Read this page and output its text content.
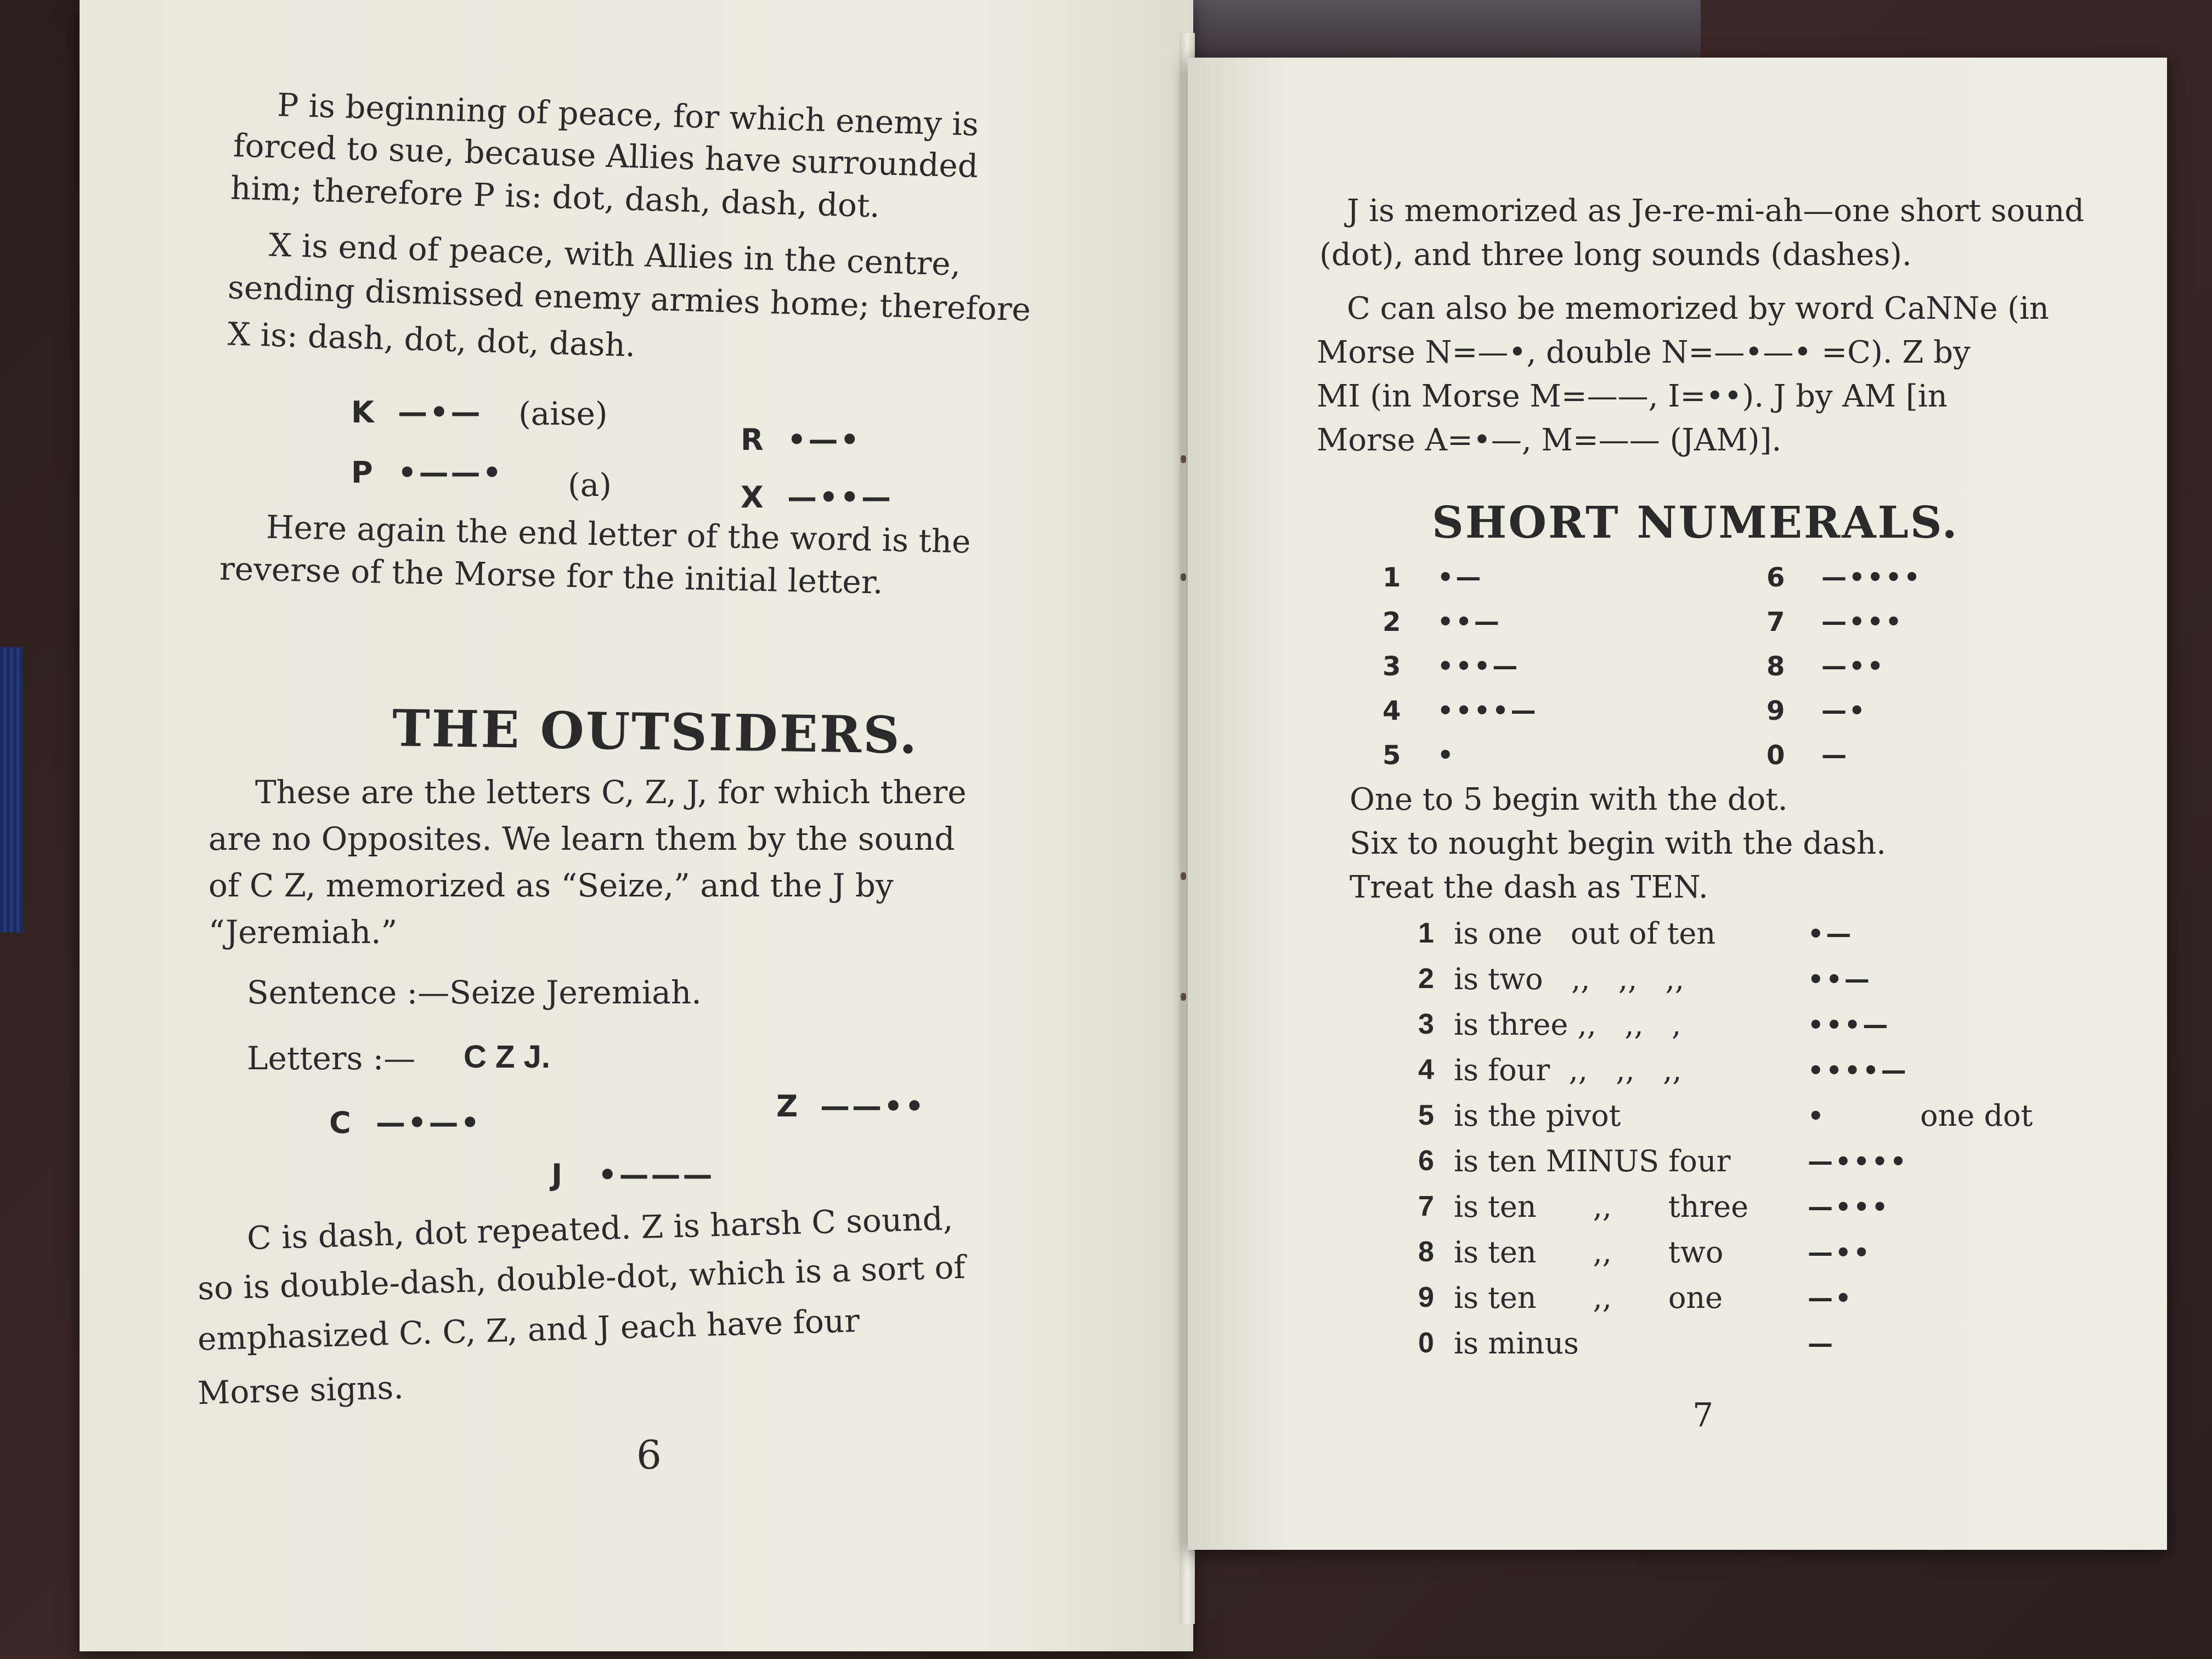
P is beginning of peace, for which enemy is
forced to sue, because Allies have surrounded
him; therefore P is: dot, dash, dash, dot.
X is end of peace, with Allies in the centre,
sending dismissed enemy armies home; therefore
X is: dash, dot, dot, dash.
K —•— (aise)
R •—•
P •——• (a)	X —••—
Here again the end letter of the word is the
reverse of the Morse for the initial letter.
THE OUTSIDERS.
These are the letters C, Z, J, for which there
are no Opposites. We learn them by the sound
of C Z, memorized as “Seize,” and the J by
“Jeremiah.”
Sentence :—Seize Jeremiah.
Letters :— C Z J.
C —•—•	Z ——••
J •———
C is dash, dot repeated. Z is harsh C sound,
so is double-dash, double-dot, which is a sort of
emphasized C. C, Z, and J each have four
Morse signs.
6
J is memorized as Je-re-mi-ah—one short sound
(dot), and three long sounds (dashes).
C can also be memorized by word CaNNe (in
Morse N=—•, double N=—•—• =C). Z by
MI (in Morse M=——, I=••). J by AM [in
Morse A=•—, M=—— (JAM)].
SHORT NUMERALS.
1 •—
2 ••—
3 •••—
4 ••••—
5 •
6 —••••
7 —•••
8 —••
9 —•
0 —
One to 5 begin with the dot.
Six to nought begin with the dash.
Treat the dash as TEN.
1 is one   out of ten	•—
2 is two   ,,   ,,   ,,	••—
3 is three ,,   ,,   ,	•••—
4 is four  ,,   ,,   ,,	••••—
5 is the pivot	•	one dot
6 is ten MINUS four	—••••
7 is ten      ,,      three —•••
8 is ten      ,,      two	—••
9 is ten      ,,      one	—•
0 is minus	—
7
